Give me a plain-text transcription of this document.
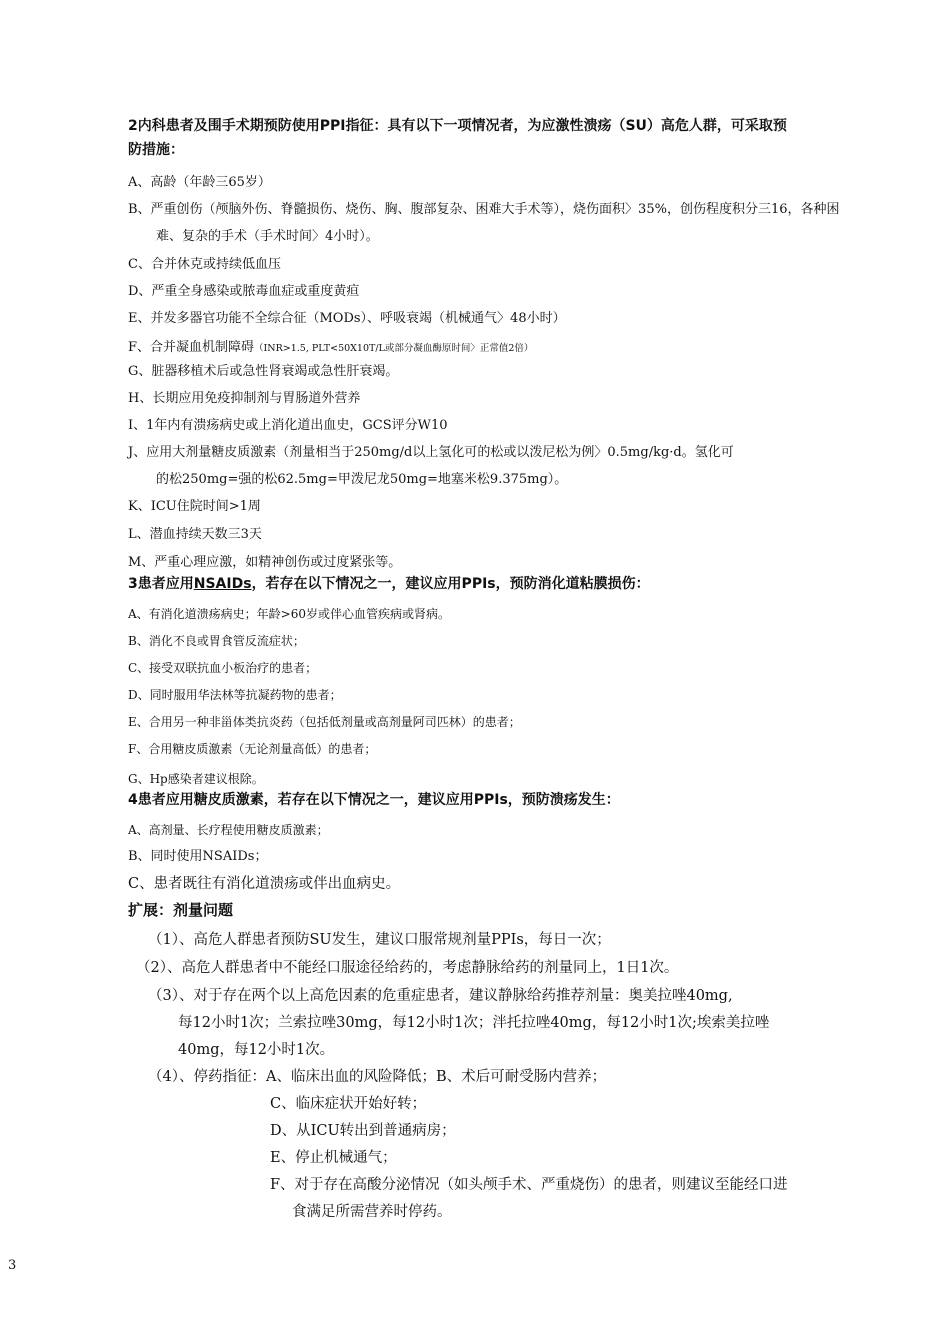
2内科患者及围手术期预防使用PPI指征：具有以下一项情况者，为应激性溃疡（SU）高危人群，可采取预
防措施：
A、高龄（年龄三65岁）
B、严重创伤（颅脑外伤、脊髓损伤、烧伤、胸、腹部复杂、困难大手术等），烧伤面积〉35%，创伤程度积分三16，各种困
难、复杂的手术（手术时间〉4小时）。
C、合并休克或持续低血压
D、严重全身感染或脓毒血症或重度黄疸
E、并发多器官功能不全综合征（MODs）、呼吸衰竭（机械通气〉48小时）
F、合并凝血机制障碍（INR>1.5, PLT<50X10T/L或部分凝血酶原时间〉正常值2倍）
G、脏器移植术后或急性肾衰竭或急性肝衰竭。
H、长期应用免疫抑制剂与胃肠道外营养
I、1年内有溃疡病史或上消化道出血史，GCS评分W10
J、应用大剂量糖皮质激素（剂量相当于250mg/d以上氢化可的松或以泼尼松为例〉0.5mg/kg·d。氢化可
的松250mg=强的松62.5mg=甲泼尼龙50mg=地塞米松9.375mg）。
K、ICU住院时间>1周
L、潜血持续天数三3天
M、严重心理应激，如精神创伤或过度紧张等。
3患者应用NSAIDs，若存在以下情况之一，建议应用PPIs，预防消化道粘膜损伤：
A、有消化道溃疡病史；年龄>60岁或伴心血管疾病或肾病。
B、消化不良或胃食管反流症状；
C、接受双联抗血小板治疗的患者；
D、同时服用华法林等抗凝药物的患者；
E、合用另一种非甾体类抗炎药（包括低剂量或高剂量阿司匹林）的患者；
F、合用糖皮质激素（无论剂量高低）的患者；
G、Hp感染者建议根除。
4患者应用糖皮质激素，若存在以下情况之一，建议应用PPIs，预防溃疡发生：
A、高剂量、长疗程使用糖皮质激素；
B、同时使用NSAIDs；
C、患者既往有消化道溃疡或伴出血病史。
扩展：剂量问题
（1）、高危人群患者预防SU发生，建议口服常规剂量PPIs，每日一次；
（2）、高危人群患者中不能经口服途径给药的，考虑静脉给药的剂量同上，1日1次。
（3）、对于存在两个以上高危因素的危重症患者，建议静脉给药推荐剂量：奥美拉唑40mg,
每12小时1次；兰索拉唑30mg，每12小时1次；泮托拉唑40mg，每12小时1次;埃索美拉唑
40mg，每12小时1次。
（4）、停药指征：A、临床出血的风险降低；B、术后可耐受肠内营养；
C、临床症状开始好转；
D、从ICU转出到普通病房；
E、停止机械通气；
F、对于存在高酸分泌情况（如头颅手术、严重烧伤）的患者，则建议至能经口进
食满足所需营养时停药。
3
